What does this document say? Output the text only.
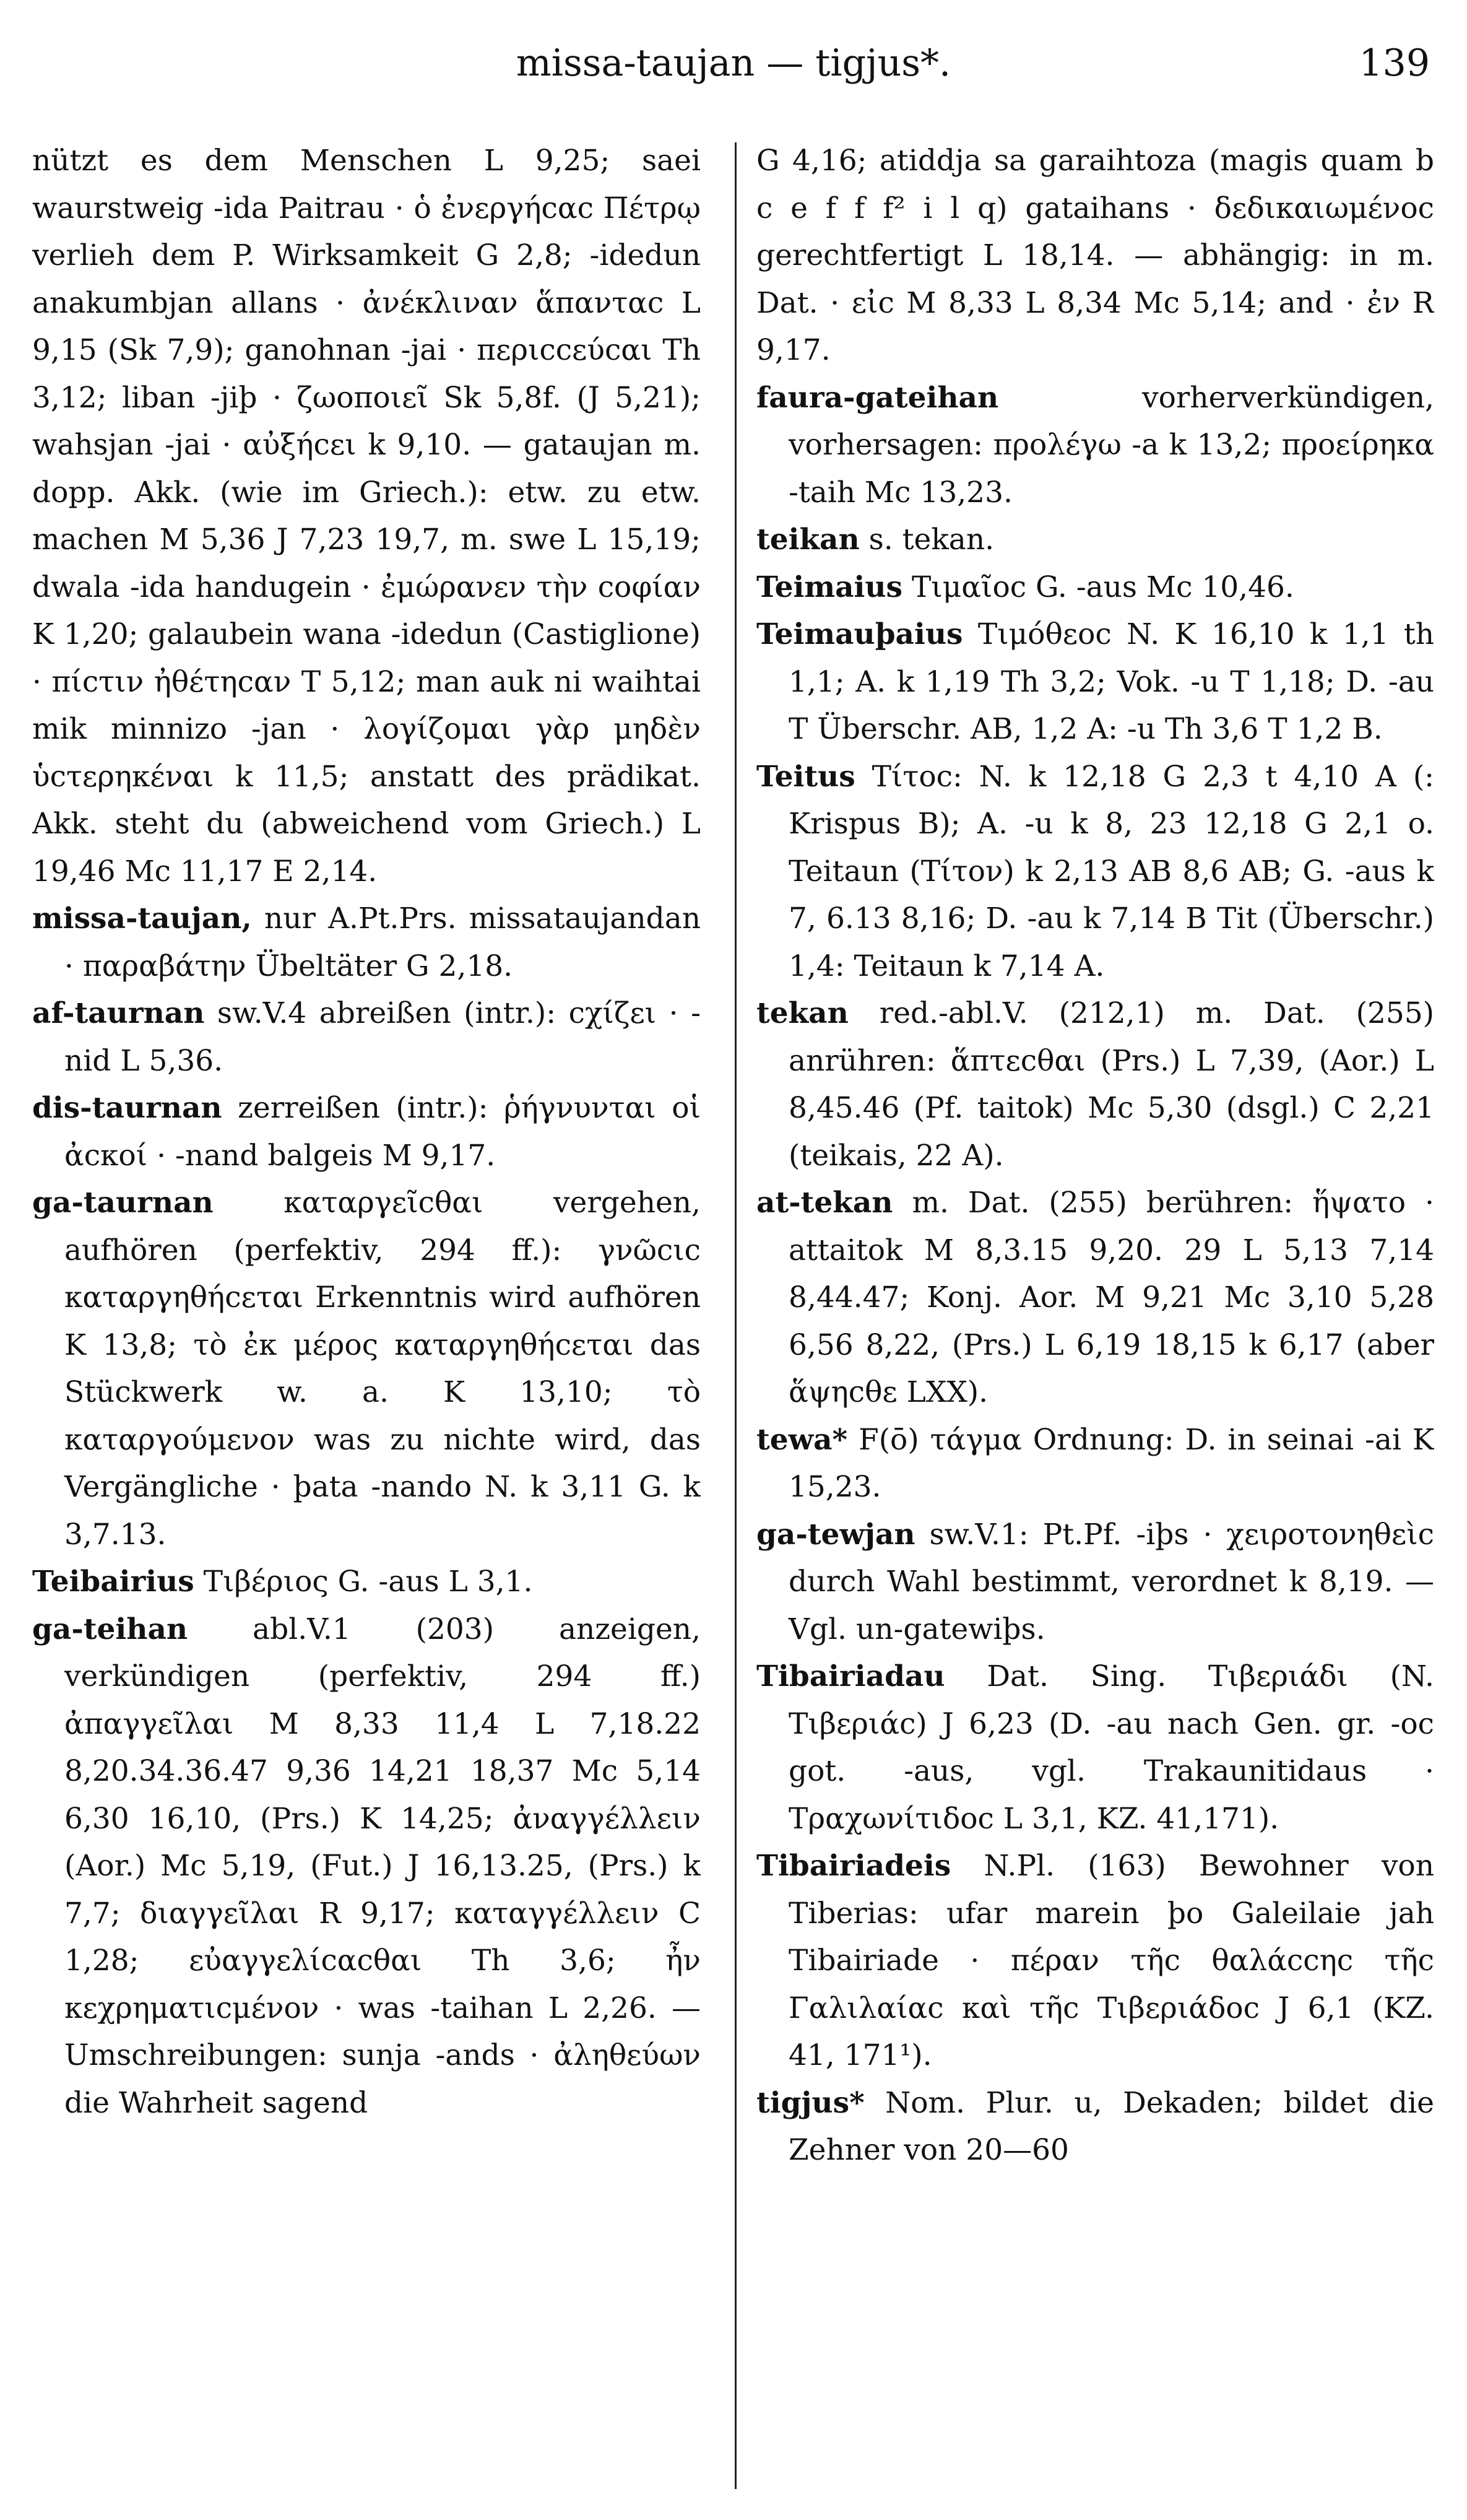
missa-taujan — tigjus*.	139

nützt es dem Menschen L 9,25; saei waurstweig -ida Paitrau · ὁ ἐνεργήcαc Πέτρῳ verlieh dem P. Wirksamkeit G 2,8; -idedun anakumbjan allans · ἀνέκλιναν ἅπανταc L 9,15 (Sk 7,9); ganohnan -jai · περιccεύcαι Th 3,12; liban -jiþ · ζωοποιεῖ Sk 5,8f. (J 5,21); wahsjan -jai · αὐξήcει k 9,10. — gataujan m. dopp. Akk. (wie im Griech.): etw. zu etw. machen M 5,36 J 7,23 19,7, m. swe L 15,19; dwala -ida handugein · ἐμώρανεν τὴν cοφίαν K 1,20; galaubein wana -idedun (Castiglione) · πίcτιν ἠθέτηcαν T 5,12; man auk ni waihtai mik minnizo -jan · λογίζομαι γὰρ μηδὲν ὑcτερηκέναι k 11,5; anstatt des prädikat. Akk. steht du (abweichend vom Griech.) L 19,46 Mc 11,17 E 2,14.

missa-taujan, nur A.Pt.Prs. missataujandan · παραβάτην Übeltäter G 2,18.

af-taurnan sw.V.4 abreißen (intr.): cχίζει · -nid L 5,36.

dis-taurnan zerreißen (intr.): ῥήγνυνται οἱ ἀcκοί · -nand balgeis M 9,17.

ga-taurnan καταργεῖcθαι vergehen, aufhören (perfektiv, 294 ff.): γνῶcιc καταργηθήcεται Erkenntnis wird aufhören K 13,8; τὸ ἐκ μέρος καταργηθήcεται das Stückwerk w. a. K 13,10; τὸ καταργούμενον was zu nichte wird, das Vergängliche · þata -nando N. k 3,11 G. k 3,7.13.

Teibairius Τιβέριος G. -aus L 3,1.

ga-teihan abl.V.1 (203) anzeigen, verkündigen (perfektiv, 294 ff.) ἀπαγγεῖλαι M 8,33 11,4 L 7,18.22 8,20.34.36.47 9,36 14,21 18,37 Mc 5,14 6,30 16,10, (Prs.) K 14,25; ἀναγγέλλειν (Aor.) Mc 5,19, (Fut.) J 16,13.25, (Prs.) k 7,7; διαγγεῖλαι R 9,17; καταγγέλλειν C 1,28; εὐαγγελίcαcθαι Th 3,6; ἦν κεχρηματιcμένον · was -taihan L 2,26. — Umschreibungen: sunja -ands · ἀληθεύων die Wahrheit sagend

G 4,16; atiddja sa garaihtoza (magis quam b c e f f f² i l q) gataihans · δεδικαιωμένοc gerechtfertigt L 18,14. — abhängig: in m. Dat. · εἰc M 8,33 L 8,34 Mc 5,14; and · ἐν R 9,17.

faura-gateihan vorherverkündigen, vorhersagen: προλέγω -a k 13,2; προείρηκα -taih Mc 13,23.

teikan s. tekan.

Teimaius Τιμαῖοc G. -aus Mc 10,46.

Teimauþaius Τιμόθεοc N. K 16,10 k 1,1 th 1,1; A. k 1,19 Th 3,2; Vok. -u T 1,18; D. -au T Überschr. AB, 1,2 A: -u Th 3,6 T 1,2 B.

Teitus Τίτοc: N. k 12,18 G 2,3 t 4,10 A (: Krispus B); A. -u k 8, 23 12,18 G 2,1 o. Teitaun (Τίτον) k 2,13 AB 8,6 AB; G. -aus k 7, 6.13 8,16; D. -au k 7,14 B Tit (Überschr.) 1,4: Teitaun k 7,14 A.

tekan red.-abl.V. (212,1) m. Dat. (255) anrühren: ἅπτεcθαι (Prs.) L 7,39, (Aor.) L 8,45.46 (Pf. taitok) Mc 5,30 (dsgl.) C 2,21 (teikais, 22 A).

at-tekan m. Dat. (255) berühren: ἥψατο · attaitok M 8,3.15 9,20. 29 L 5,13 7,14 8,44.47; Konj. Aor. M 9,21 Mc 3,10 5,28 6,56 8,22, (Prs.) L 6,19 18,15 k 6,17 (aber ἅψηcθε LXX).

tewa* F(ō) τάγμα Ordnung: D. in seinai -ai K 15,23.

ga-tewjan sw.V.1: Pt.Pf. -iþs · χειροτονηθεὶc durch Wahl bestimmt, verordnet k 8,19. — Vgl. un-gatewiþs.

Tibairiadau Dat. Sing. Τιβεριάδι (N. Τιβεριάc) J 6,23 (D. -au nach Gen. gr. -oc got. -aus, vgl. Trakaunitidaus · Τραχωνίτιδοc L 3,1, KZ. 41,171).

Tibairiadeis N.Pl. (163) Bewohner von Tiberias: ufar marein þo Galeilaie jah Tibairiade · πέραν τῆc θαλάccηc τῆc Γαλιλαίαc καὶ τῆc Τιβεριάδοc J 6,1 (KZ. 41, 171¹).

tigjus* Nom. Plur. u, Dekaden; bildet die Zehner von 20—60
